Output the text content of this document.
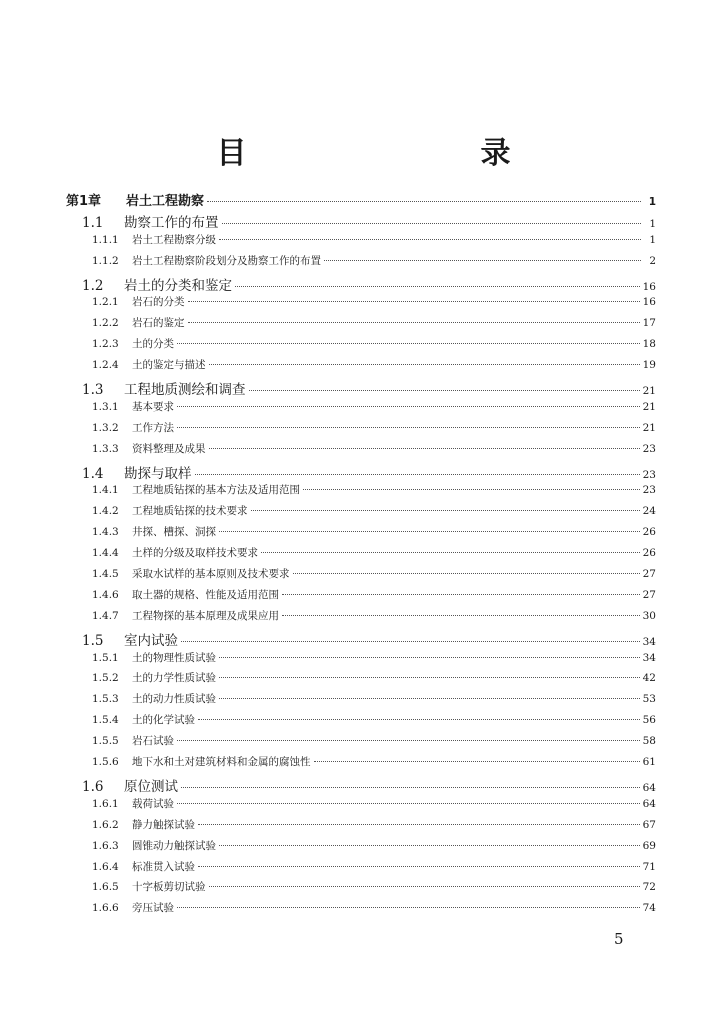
目　　录
第1章	岩土工程勘察	1
1.1	勘察工作的布置	1
1.1.1	岩土工程勘察分级	1
1.1.2	岩土工程勘察阶段划分及勘察工作的布置	2
1.2	岩土的分类和鉴定	16
1.2.1	岩石的分类	16
1.2.2	岩石的鉴定	17
1.2.3	土的分类	18
1.2.4	土的鉴定与描述	19
1.3	工程地质测绘和调查	21
1.3.1	基本要求	21
1.3.2	工作方法	21
1.3.3	资料整理及成果	23
1.4	勘探与取样	23
1.4.1	工程地质钻探的基本方法及适用范围	23
1.4.2	工程地质钻探的技术要求	24
1.4.3	井探、槽探、洞探	26
1.4.4	土样的分级及取样技术要求	26
1.4.5	采取水试样的基本原则及技术要求	27
1.4.6	取土器的规格、性能及适用范围	27
1.4.7	工程物探的基本原理及成果应用	30
1.5	室内试验	34
1.5.1	土的物理性质试验	34
1.5.2	土的力学性质试验	42
1.5.3	土的动力性质试验	53
1.5.4	土的化学试验	56
1.5.5	岩石试验	58
1.5.6	地下水和土对建筑材料和金属的腐蚀性	61
1.6	原位测试	64
1.6.1	载荷试验	64
1.6.2	静力触探试验	67
1.6.3	圆锥动力触探试验	69
1.6.4	标准贯入试验	71
1.6.5	十字板剪切试验	72
1.6.6	旁压试验	74
5
